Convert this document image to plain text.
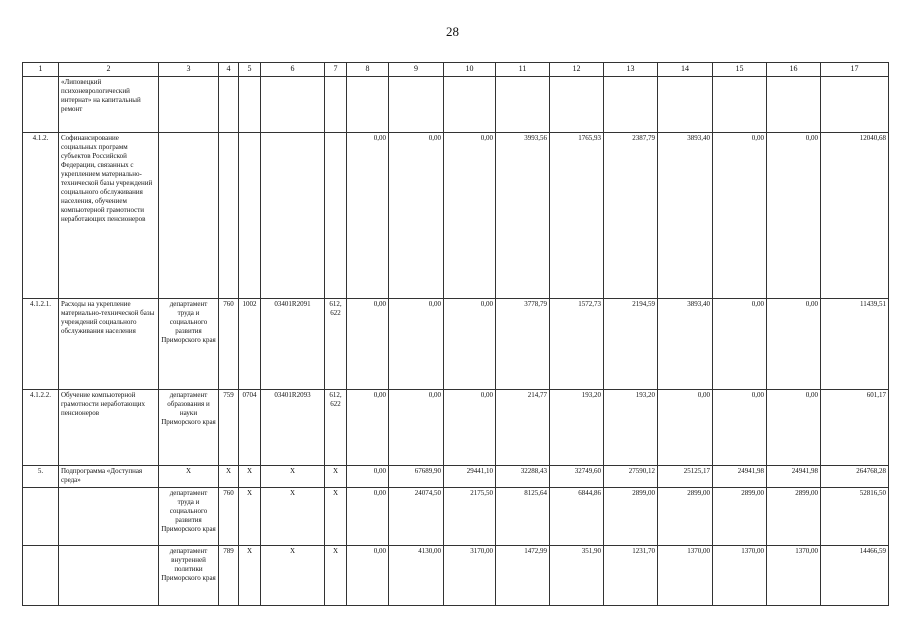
28
1	2	3	4	5	6	7	8	9	10	11	12	13	14	15	16	17
	«Липовецкий психоневрологический интернат» на капитальный ремонт															
4.1.2.	Софинансирование социальных программ субъектов Российской Федерации, связанных с укреплением материально-технической базы учреждений социального обслуживания населения, обучением компьютерной грамотности неработающих пенсионеров						0,00	0,00	0,00	3993,56	1765,93	2387,79	3893,40	0,00	0,00	12040,68
4.1.2.1.	Расходы на укрепление материально-технической базы учреждений социального обслуживания населения	департамент труда и социального развития Приморского края	760	1002	03401R2091	612, 622	0,00	0,00	0,00	3778,79	1572,73	2194,59	3893,40	0,00	0,00	11439,51
4.1.2.2.	Обучение компьютерной грамотности неработающих пенсионеров	департамент образования и науки Приморского края	759	0704	03401R2093	612, 622	0,00	0,00	0,00	214,77	193,20	193,20	0,00	0,00	0,00	601,17
5.	Подпрограмма «Доступная среда»	X	X	X	X	X	0,00	67689,90	29441,10	32288,43	32749,60	27590,12	25125,17	24941,98	24941,98	264768,28
		департамент труда и социального развития Приморского края	760	X	X	X	0,00	24074,50	2175,50	8125,64	6844,86	2899,00	2899,00	2899,00	2899,00	52816,50
		департамент внутренней политики Приморского края	789	X	X	X	0,00	4130,00	3170,00	1472,99	351,90	1231,70	1370,00	1370,00	1370,00	14466,59
